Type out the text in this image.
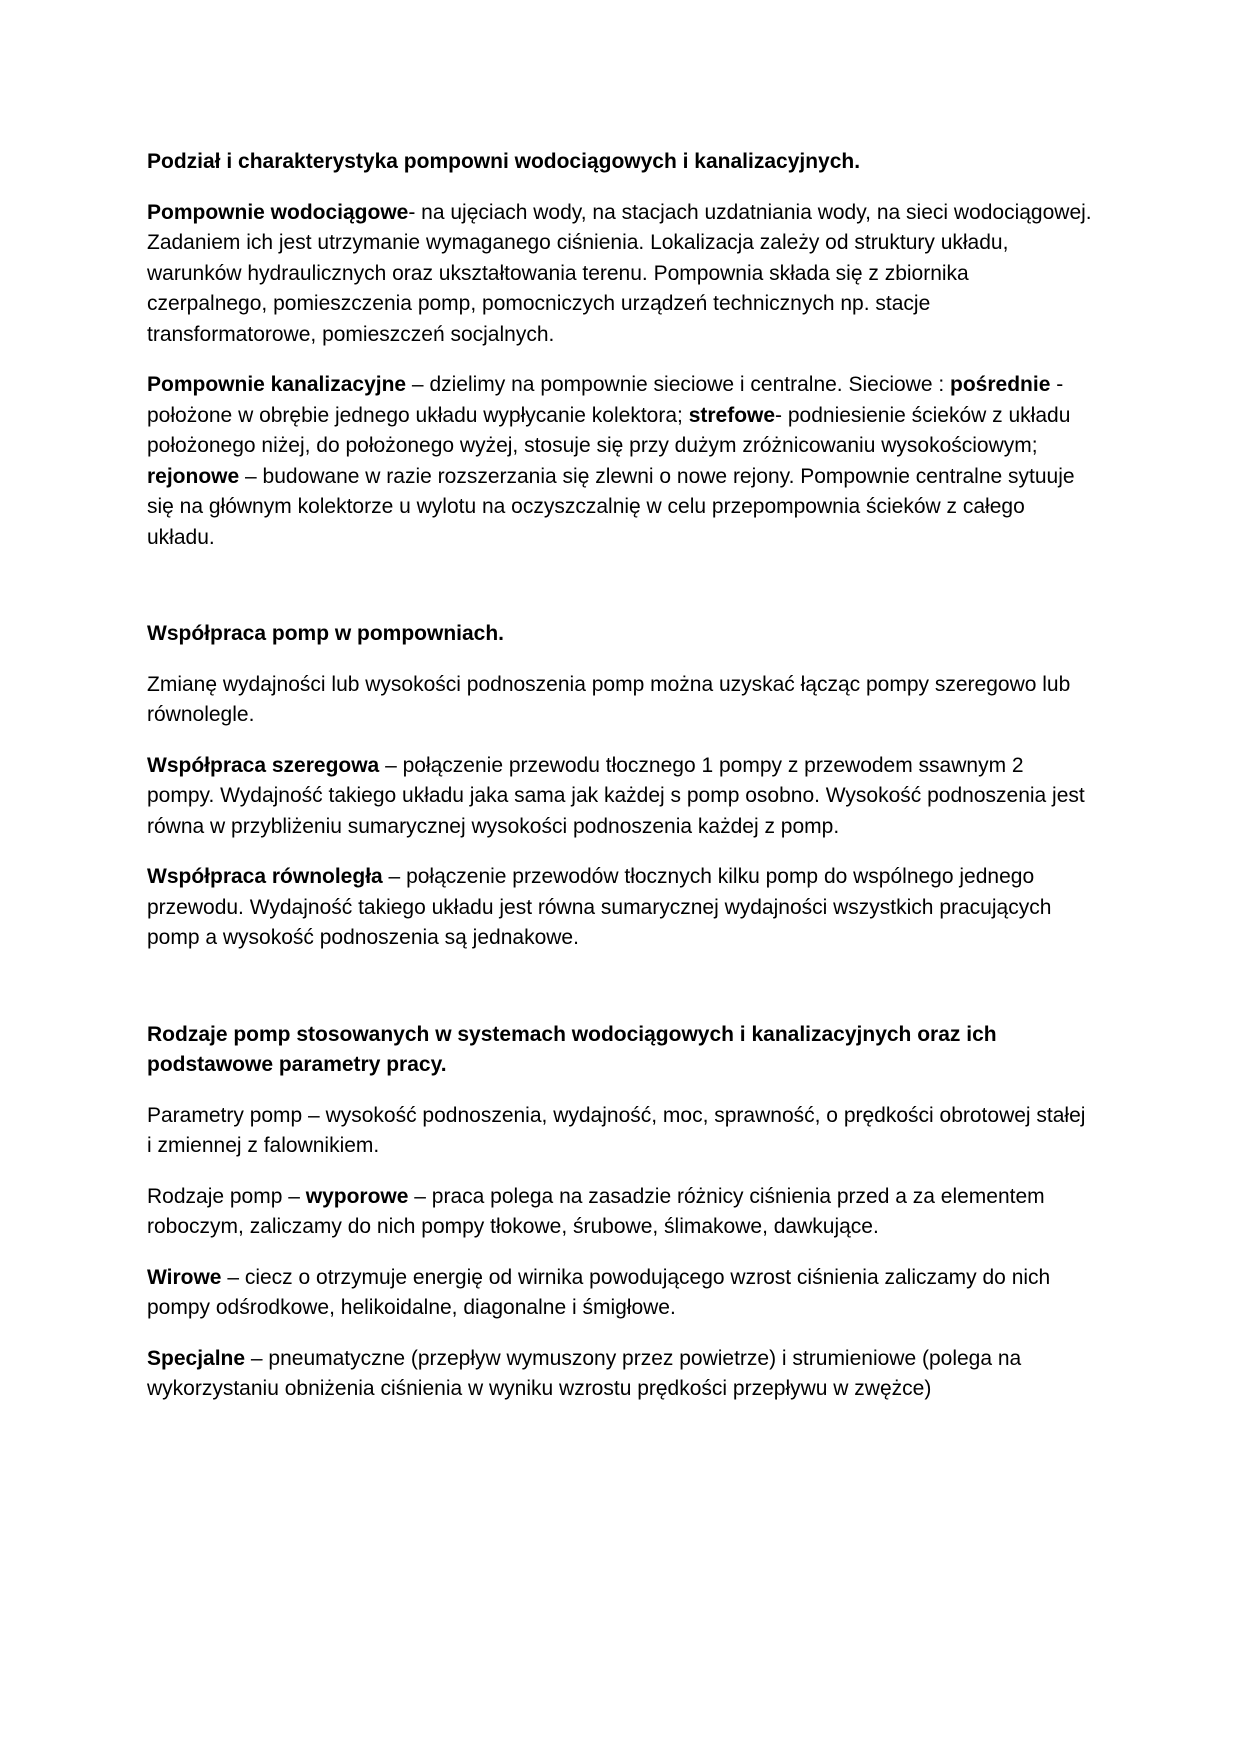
Podział i charakterystyka pompowni wodociągowych i kanalizacyjnych.

Pompownie wodociągowe- na ujęciach wody, na stacjach uzdatniania wody, na sieci wodociągowej. Zadaniem ich jest utrzymanie wymaganego ciśnienia. Lokalizacja zależy od struktury układu, warunków hydraulicznych oraz ukształtowania terenu. Pompownia składa się z zbiornika czerpalnego, pomieszczenia pomp, pomocniczych urządzeń technicznych np. stacje transformatorowe, pomieszczeń socjalnych.

Pompownie kanalizacyjne – dzielimy na pompownie sieciowe i centralne. Sieciowe : pośrednie - położone w obrębie jednego układu wypłycanie kolektora; strefowe- podniesienie ścieków z układu położonego niżej, do położonego wyżej, stosuje się przy dużym zróżnicowaniu wysokościowym; rejonowe – budowane w razie rozszerzania się zlewni o nowe rejony. Pompownie centralne sytuuje się na głównym kolektorze u wylotu na oczyszczalnię w celu przepompownia ścieków z całego układu.

Współpraca pomp w pompowniach.

Zmianę wydajności lub wysokości podnoszenia pomp można uzyskać łącząc pompy szeregowo lub równolegle.

Współpraca szeregowa – połączenie przewodu tłocznego 1 pompy z przewodem ssawnym 2 pompy. Wydajność takiego układu jaka sama jak każdej s pomp osobno. Wysokość podnoszenia jest równa w przybliżeniu sumarycznej wysokości podnoszenia każdej z pomp.

Współpraca równoległa – połączenie przewodów tłocznych kilku pomp do wspólnego jednego przewodu. Wydajność takiego układu jest równa sumarycznej wydajności wszystkich pracujących pomp a wysokość podnoszenia są jednakowe.

Rodzaje pomp stosowanych w systemach wodociągowych i kanalizacyjnych oraz ich podstawowe parametry pracy.

Parametry pomp – wysokość podnoszenia, wydajność, moc, sprawność, o prędkości obrotowej stałej i zmiennej z falownikiem.

Rodzaje pomp – wyporowe – praca polega na zasadzie różnicy ciśnienia przed a za elementem roboczym, zaliczamy do nich pompy tłokowe, śrubowe, ślimakowe, dawkujące.

Wirowe – ciecz o otrzymuje energię od wirnika powodującego wzrost ciśnienia zaliczamy do nich pompy odśrodkowe, helikoidalne, diagonalne i śmigłowe.

Specjalne – pneumatyczne (przepływ wymuszony przez powietrze) i strumieniowe (polega na wykorzystaniu obniżenia ciśnienia w wyniku wzrostu prędkości przepływu w zwężce)
